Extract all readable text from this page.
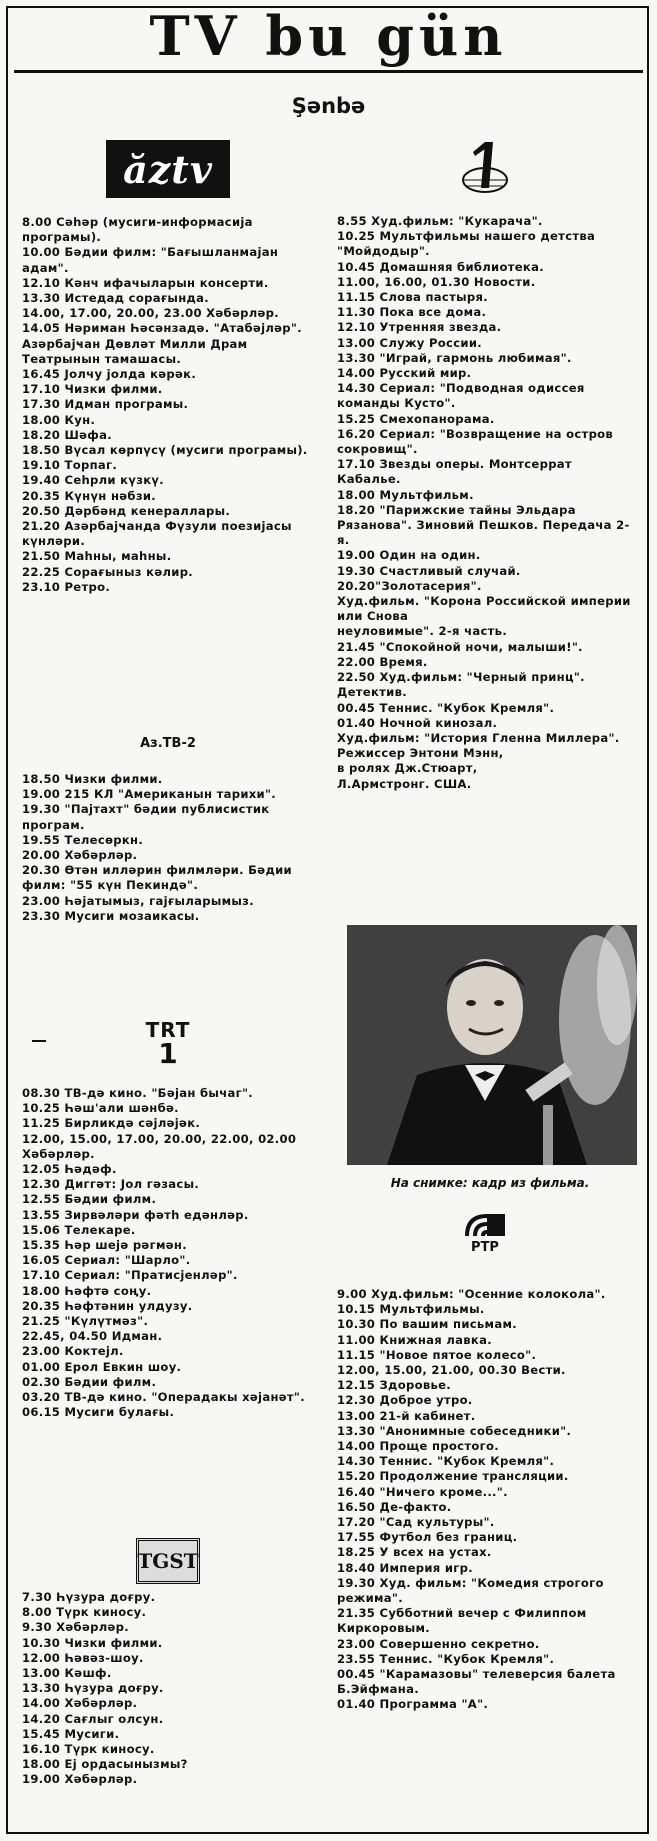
TV bu gün
Şənbə
ăztv
8.00 Сәһәр (мусиги-информасија програмы).
10.00 Бәдии филм: "Бағышланмајан адам".
12.10 Кәнч ифачыларын консерти.
13.30 Истедад сорағында.
14.00, 17.00, 20.00, 23.00 Хәбәрләр.
14.05 Нәриман Һәсәнзадә. "Атабәјләр". Азәрбајҹан Дөвләт Милли Драм Театрынын тамашасы.
16.45 Јолчу јолда кәрәк.
17.10 Чизки филми.
17.30 Идман програмы.
18.00 Кун.
18.20 Шәфа.
18.50 Вүсал көрпүсү (мусиги програмы).
19.10 Торпаг.
19.40 Сеһрли күзкү.
20.35 Күнүн нәбзи.
20.50 Дәрбәнд кенераллары.
21.20 Азәрбајҹанда Фүзули поезијасы күнләри.
21.50 Маһны, маһны.
22.25 Сорағыныз кәлир.
23.10 Ретро.
Аз.ТВ-2
18.50 Чизки филми.
19.00 215 КЛ "Американын тарихи".
19.30 "Пајтахт" бәдии публисистик програм.
19.55 Телесөркн.
20.00 Хәбәрләр.
20.30 Өтән илләрин филмләри. Бәдии филм: "55 күн Пекиндә".
23.00 Һәјатымыз, гајғыларымыз.
23.30 Мусиги мозаикасы.
TRT
1
08.30 ТВ-дә кино. "Бәјан бычаг".
10.25 Һәш'али шәнбә.
11.25 Бирликдә сәјләјәк.
12.00, 15.00, 17.00, 20.00, 22.00, 02.00 Хәбәрләр.
12.05 Һәдәф.
12.30 Диггәт: Јол гәзасы.
12.55 Бәдии филм.
13.55 Зирвәләри фәтһ едәнләр.
15.06 Телекаре.
15.35 Һәр шејә рәгмән.
16.05 Сериал: "Шарло".
17.10 Сериал: "Пратисјенләр".
18.00 Һәфтә соңу.
20.35 Һәфтәнин улдузу.
21.25 "Күлүтмәз".
22.45, 04.50 Идман.
23.00 Коктејл.
01.00 Ерол Евкин шоу.
02.30 Бәдии филм.
03.20 ТВ-дә кино. "Операдакы хәјанәт".
06.15 Мусиги булағы.
TGST
7.30 Һүзура доғру.
8.00 Түрк киносу.
9.30 Хәбәрләр.
10.30 Чизки филми.
12.00 Һәвәз-шоу.
13.00 Кәшф.
13.30 Һүзура доғру.
14.00 Хәбәрләр.
14.20 Сағлыг олсун.
15.45 Мусиги.
16.10 Түрк киносу.
18.00 Еј ордасынызмы?
19.00 Хәбәрләр.
8.55 Худ.фильм: "Кукарача".
10.25 Мультфильмы нашего детства "Мойдодыр".
10.45 Домашняя библиотека.
11.00, 16.00, 01.30 Новости.
11.15 Слова пастыря.
11.30 Пока все дома.
12.10 Утренняя звезда.
13.00 Служу России.
13.30 "Играй, гармонь любимая".
14.00 Русский мир.
14.30 Сериал: "Подводная одиссея команды Кусто".
15.25 Смехопанорама.
16.20 Сериал: "Возвращение на остров сокровищ".
17.10 Звезды оперы. Монтсеррат Кабалье.
18.00 Мультфильм.
18.20 "Парижские тайны Эльдара Рязанова". Зиновий Пешков. Передача 2-я.
19.00 Один на один.
19.30 Счастливый случай.
20.20"Золотасерия".
Худ.фильм. "Корона Российской империи или Снова
неуловимые". 2-я часть.
21.45 "Спокойной ночи, малыши!".
22.00 Время.
22.50 Худ.фильм: "Черный принц". Детектив.
00.45 Теннис. "Кубок Кремля".
01.40 Ночной кинозал.
Худ.фильм: "История Гленна Миллера". Режиссер Энтони Мэнн,
в ролях Дж.Стюарт,
Л.Армстронг. США.
На снимке: кадр из фильма.
РТР
9.00 Худ.фильм: "Осенние колокола".
10.15 Мультфильмы.
10.30 По вашим письмам.
11.00 Книжная лавка.
11.15 "Новое пятое колесо".
12.00, 15.00, 21.00, 00.30 Вести.
12.15 Здоровье.
12.30 Доброе утро.
13.00 21-й кабинет.
13.30 "Анонимные собеседники".
14.00 Проще простого.
14.30 Теннис. "Кубок Кремля".
15.20 Продолжение трансляции.
16.40 "Ничего кроме...".
16.50 Де-факто.
17.20 "Сад культуры".
17.55 Футбол без границ.
18.25 У всех на устах.
18.40 Империя игр.
19.30 Худ. фильм: "Комедия строгого режима".
21.35 Субботний вечер с Филиппом Киркоровым.
23.00 Совершенно секретно.
23.55 Теннис. "Кубок Кремля".
00.45 "Карамазовы" телеверсия балета Б.Эйфмана.
01.40 Программа "А".
